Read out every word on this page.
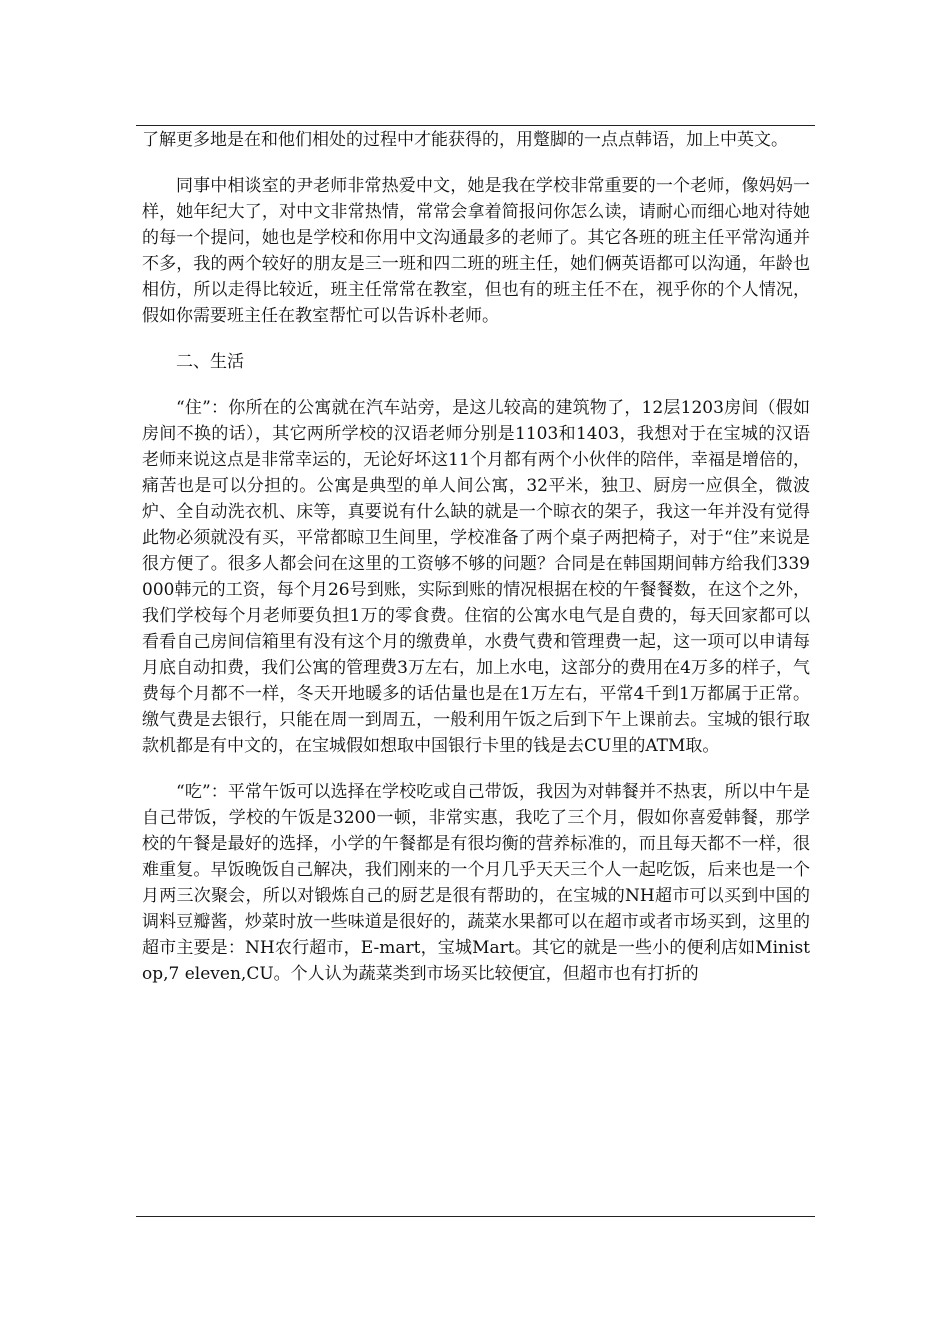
了解更多地是在和他们相处的过程中才能获得的，用蹩脚的一点点韩语，加上中英文。

同事中相谈室的尹老师非常热爱中文，她是我在学校非常重要的一个老师，像妈妈一样，她年纪大了，对中文非常热情，常常会拿着简报问你怎么读，请耐心而细心地对待她的每一个提问，她也是学校和你用中文沟通最多的老师了。其它各班的班主任平常沟通并不多，我的两个较好的朋友是三一班和四二班的班主任，她们俩英语都可以沟通，年龄也相仿，所以走得比较近，班主任常常在教室，但也有的班主任不在，视乎你的个人情况，假如你需要班主任在教室帮忙可以告诉朴老师。

二、生活

“住”：你所在的公寓就在汽车站旁，是这儿较高的建筑物了，12层1203房间（假如房间不换的话），其它两所学校的汉语老师分别是1103和1403，我想对于在宝城的汉语老师来说这点是非常幸运的，无论好坏这11个月都有两个小伙伴的陪伴，幸福是增倍的，痛苦也是可以分担的。公寓是典型的单人间公寓，32平米，独卫、厨房一应俱全，微波炉、全自动洗衣机、床等，真要说有什么缺的就是一个晾衣的架子，我这一年并没有觉得此物必须就没有买，平常都晾卫生间里，学校准备了两个桌子两把椅子，对于“住”来说是很方便了。很多人都会问在这里的工资够不够的问题？合同是在韩国期间韩方给我们339000韩元的工资，每个月26号到账，实际到账的情况根据在校的午餐餐数，在这个之外，我们学校每个月老师要负担1万的零食费。住宿的公寓水电气是自费的，每天回家都可以看看自己房间信箱里有没有这个月的缴费单，水费气费和管理费一起，这一项可以申请每月底自动扣费，我们公寓的管理费3万左右，加上水电，这部分的费用在4万多的样子，气费每个月都不一样，冬天开地暖多的话估量也是在1万左右，平常4千到1万都属于正常。缴气费是去银行，只能在周一到周五，一般利用午饭之后到下午上课前去。宝城的银行取款机都是有中文的，在宝城假如想取中国银行卡里的钱是去CU里的ATM取。

“吃”：平常午饭可以选择在学校吃或自己带饭，我因为对韩餐并不热衷，所以中午是自己带饭，学校的午饭是3200一顿，非常实惠，我吃了三个月，假如你喜爱韩餐，那学校的午餐是最好的选择，小学的午餐都是有很均衡的营养标准的，而且每天都不一样，很难重复。早饭晚饭自己解决，我们刚来的一个月几乎天天三个人一起吃饭，后来也是一个月两三次聚会，所以对锻炼自己的厨艺是很有帮助的，在宝城的NH超市可以买到中国的调料豆瓣酱，炒菜时放一些味道是很好的，蔬菜水果都可以在超市或者市场买到，这里的超市主要是：NH农行超市，E-mart，宝城Mart。其它的就是一些小的便利店如Ministop,7 eleven,CU。个人认为蔬菜类到市场买比较便宜，但超市也有打折的
